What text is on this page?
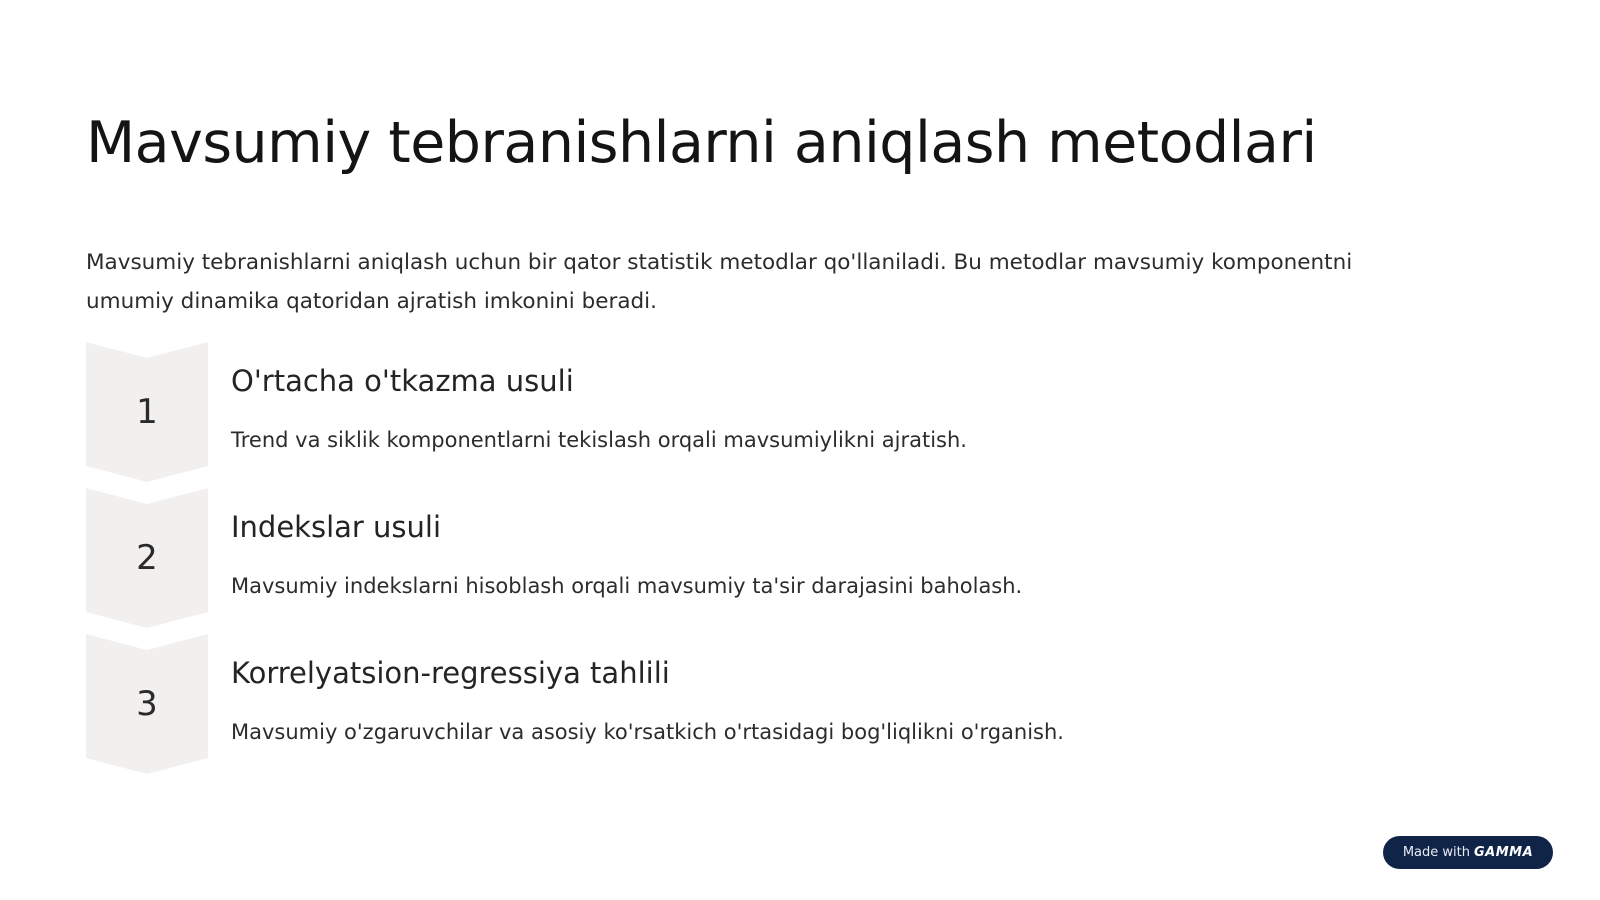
Mavsumiy tebranishlarni aniqlash metodlari

Mavsumiy tebranishlarni aniqlash uchun bir qator statistik metodlar qo'llaniladi. Bu metodlar mavsumiy komponentni umumiy dinamika qatoridan ajratish imkonini beradi.

1
O'rtacha o'tkazma usuli

Trend va siklik komponentlarni tekislash orqali mavsumiylikni ajratish.

2
Indekslar usuli

Mavsumiy indekslarni hisoblash orqali mavsumiy ta'sir darajasini baholash.

3
Korrelyatsion-regressiya tahlili

Mavsumiy o'zgaruvchilar va asosiy ko'rsatkich o'rtasidagi bog'liqlikni o'rganish.

Made with GAMMA
